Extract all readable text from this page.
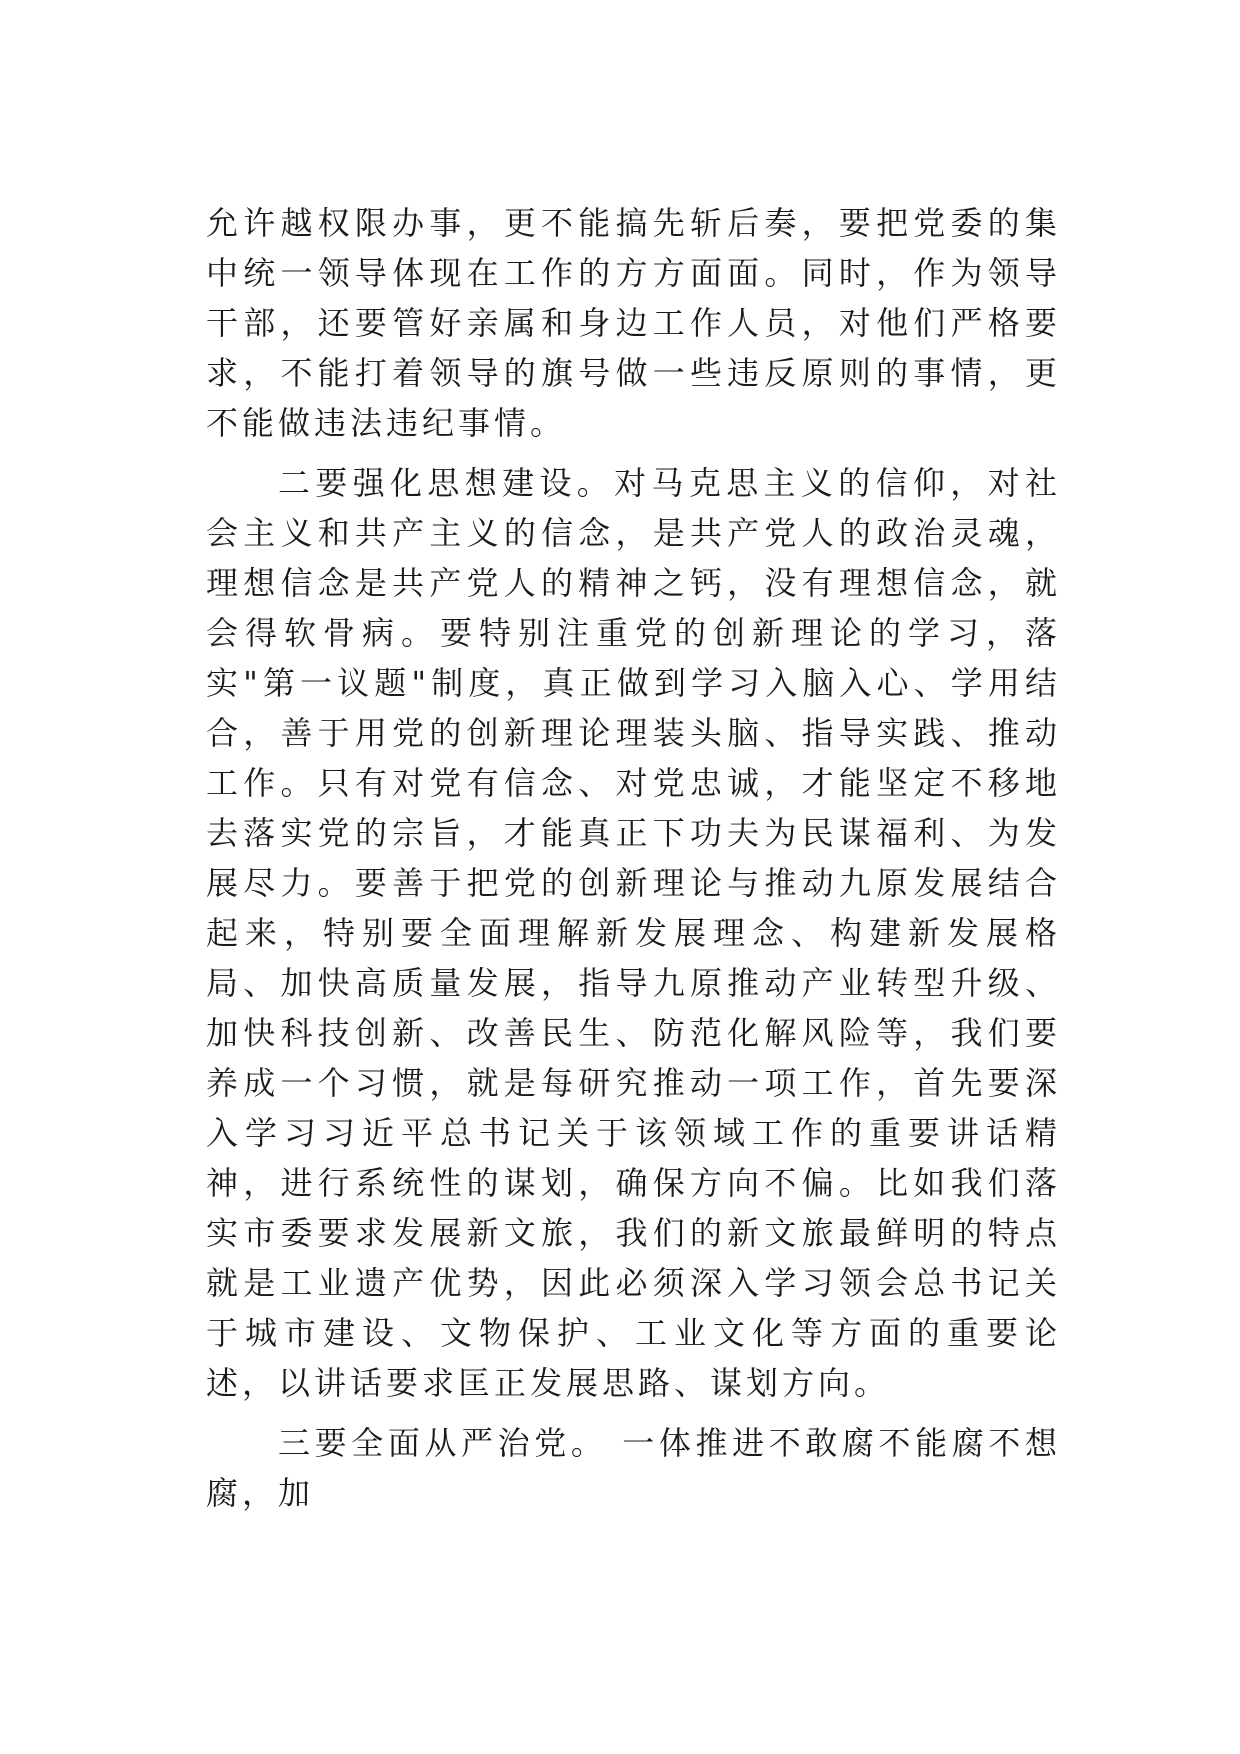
允许越权限办事，更不能搞先斩后奏，要把党委的集中统一领导体现在工作的方方面面。同时，作为领导干部，还要管好亲属和身边工作人员，对他们严格要求，不能打着领导的旗号做一些违反原则的事情，更不能做违法违纪事情。

二要强化思想建设。对马克思主义的信仰，对社会主义和共产主义的信念，是共产党人的政治灵魂，理想信念是共产党人的精神之钙，没有理想信念，就会得软骨病。要特别注重党的创新理论的学习，落实"第一议题"制度，真正做到学习入脑入心、学用结合，善于用党的创新理论理装头脑、指导实践、推动工作。只有对党有信念、对党忠诚，才能坚定不移地去落实党的宗旨，才能真正下功夫为民谋福利、为发展尽力。要善于把党的创新理论与推动九原发展结合起来，特别要全面理解新发展理念、构建新发展格局、加快高质量发展，指导九原推动产业转型升级、加快科技创新、改善民生、防范化解风险等，我们要养成一个习惯，就是每研究推动一项工作，首先要深入学习习近平总书记关于该领域工作的重要讲话精神，进行系统性的谋划，确保方向不偏。比如我们落实市委要求发展新文旅，我们的新文旅最鲜明的特点就是工业遗产优势，因此必须深入学习领会总书记关于城市建设、文物保护、工业文化等方面的重要论述，以讲话要求匡正发展思路、谋划方向。

三要全面从严治党。 一体推进不敢腐不能腐不想腐，加
